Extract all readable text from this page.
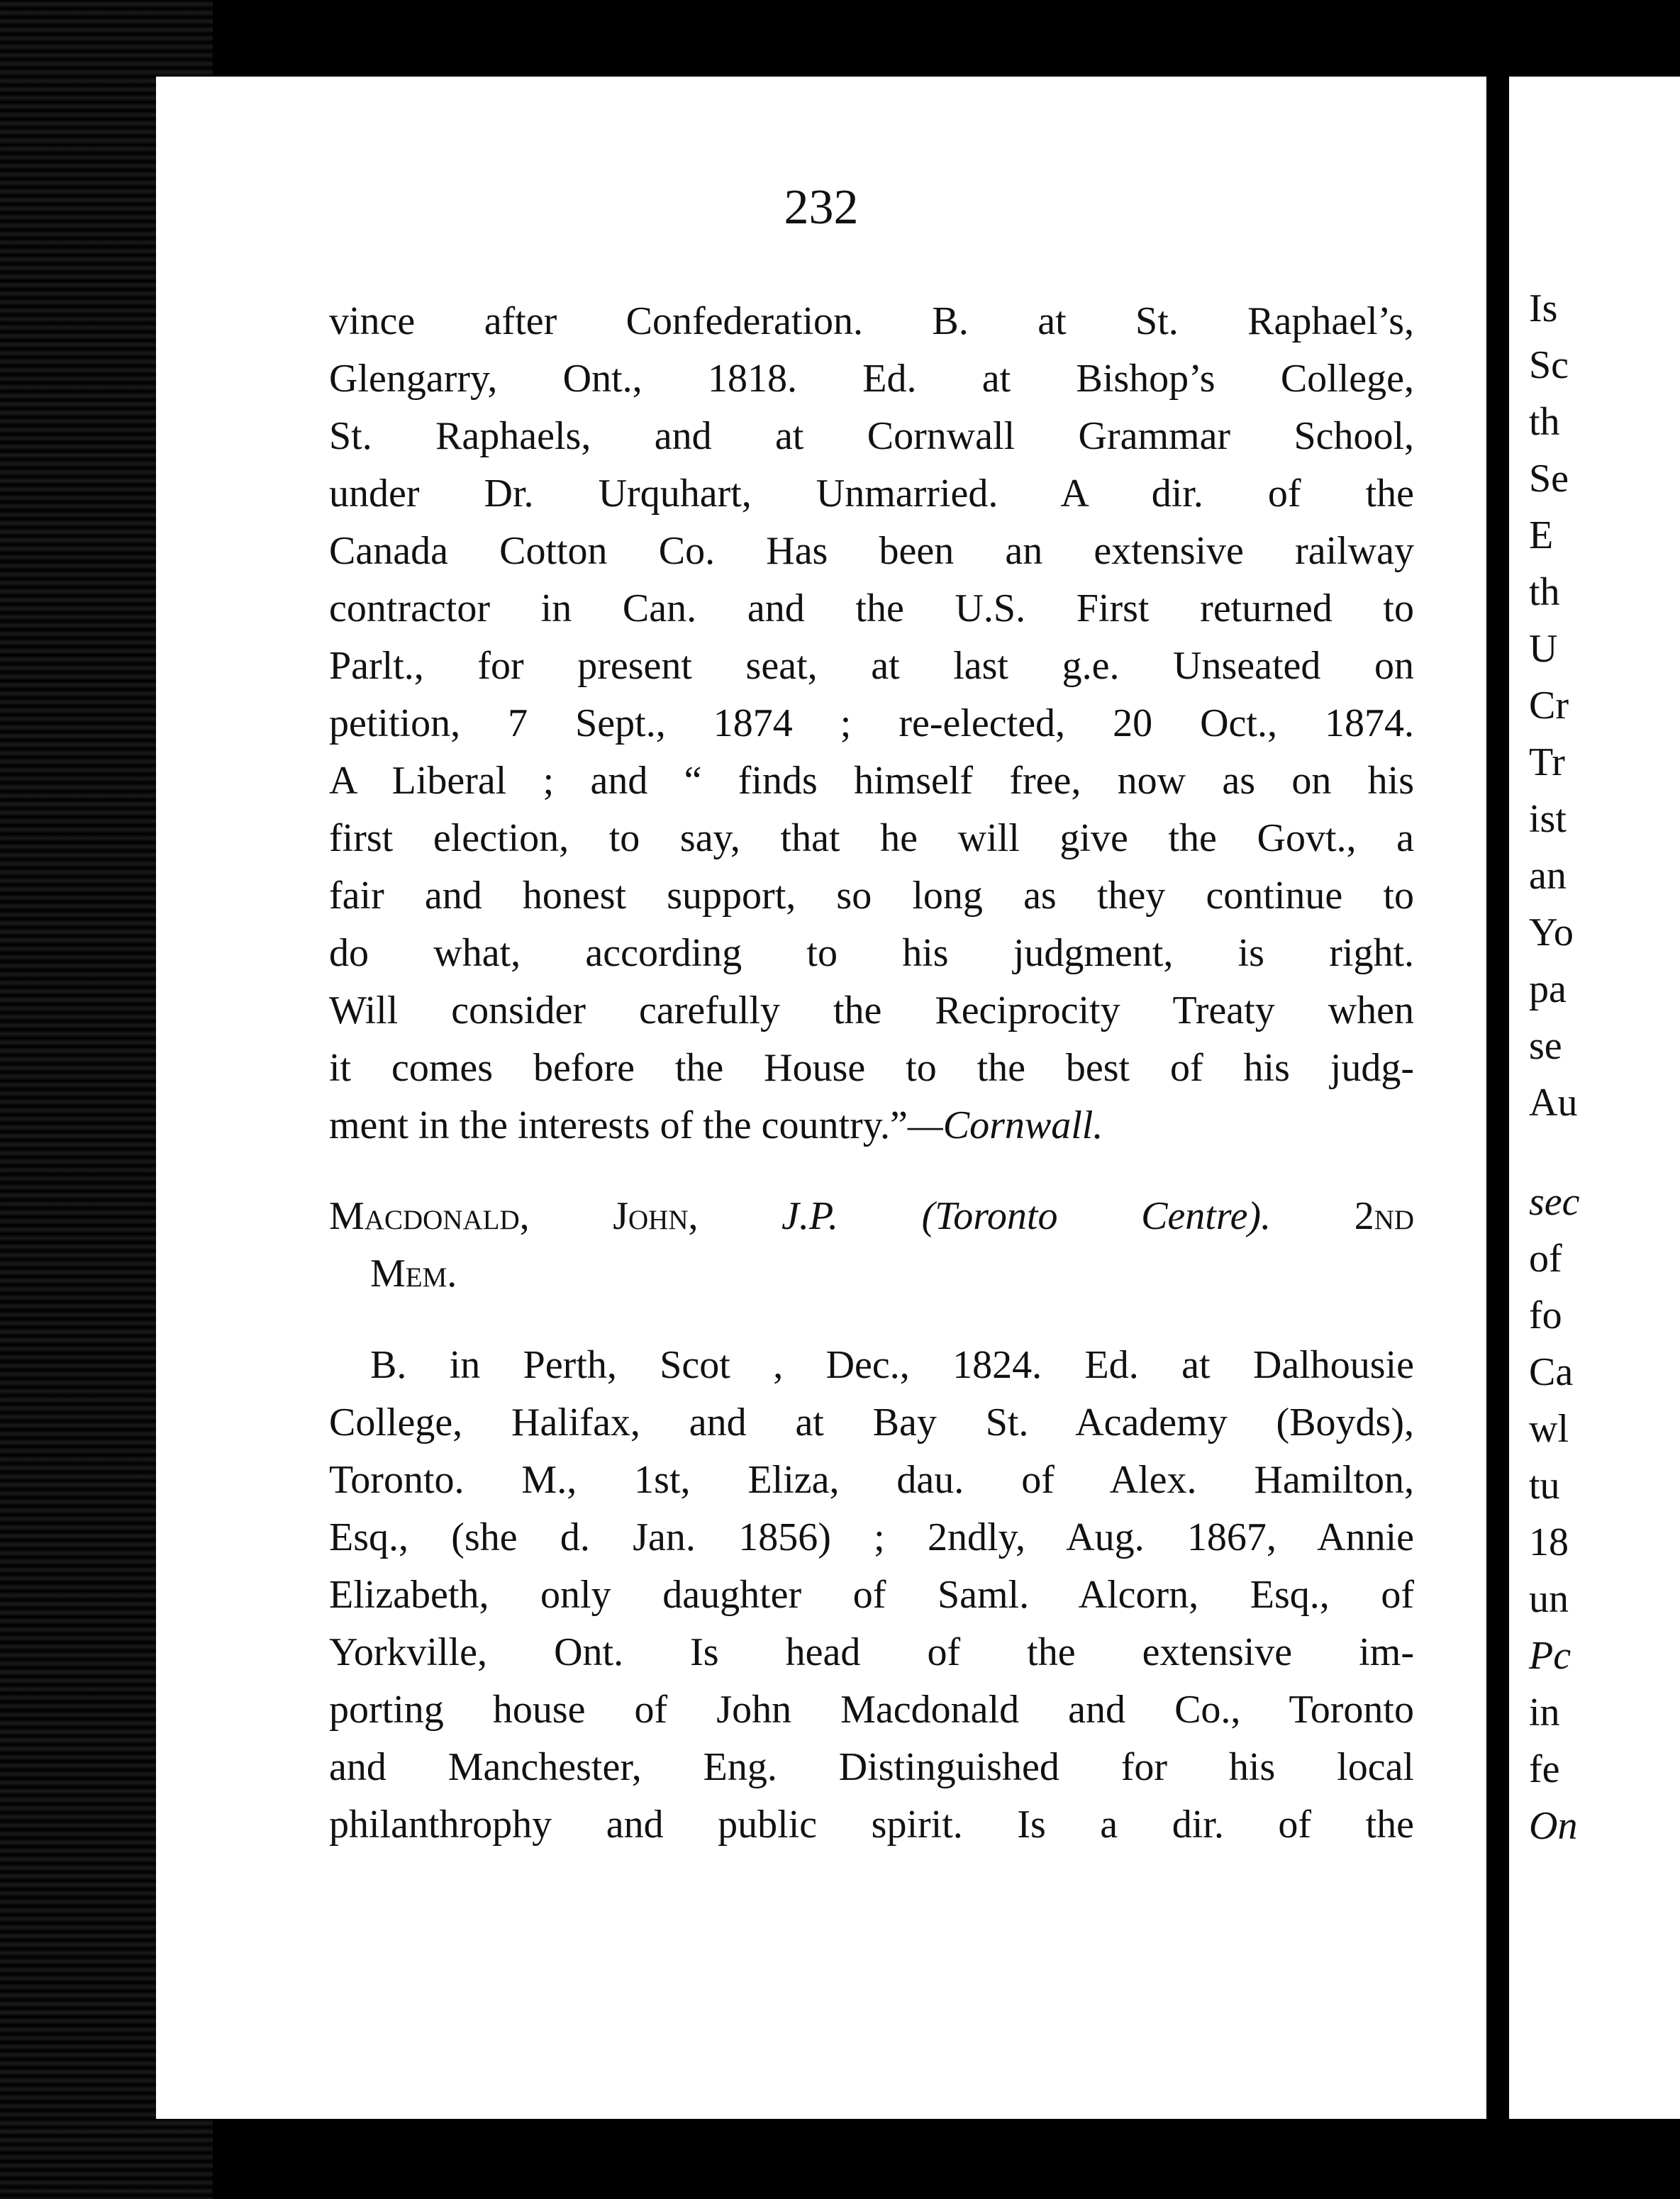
232
vince after Confederation. B. at St. Raphael’s,
Glengarry, Ont., 1818. Ed. at Bishop’s College,
St. Raphaels, and at Cornwall Grammar School,
under Dr. Urquhart, Unmarried. A dir. of the
Canada Cotton Co. Has been an extensive railway
contractor in Can. and the U.S. First returned to
Parlt., for present seat, at last g.e. Unseated on
petition, 7 Sept., 1874 ; re-elected, 20 Oct., 1874.
A Liberal ; and “ finds himself free, now as on his
first election, to say, that he will give the Govt., a
fair and honest support, so long as they continue to
do what, according to his judgment, is right.
Will consider carefully the Reciprocity Treaty when
it comes before the House to the best of his judg-
ment in the interests of the country.”—Cornwall.
Macdonald, John, J.P. (Toronto Centre). 2nd
Mem.
B. in Perth, Scot , Dec., 1824. Ed. at Dalhousie
College, Halifax, and at Bay St. Academy (Boyds),
Toronto. M., 1st, Eliza, dau. of Alex. Hamilton,
Esq., (she d. Jan. 1856) ; 2ndly, Aug. 1867, Annie
Elizabeth, only daughter of Saml. Alcorn, Esq., of
Yorkville, Ont. Is head of the extensive im-
porting house of John Macdonald and Co., Toronto
and Manchester, Eng. Distinguished for his local
philanthrophy and public spirit. Is a dir. of the
Is
Sc
th
Se
E
th
U
Cr
Tr
ist
an
Yo
pa
se
Au
sec
of
fo
Ca
wl
tu
18
un
Pc
in
fe
On
